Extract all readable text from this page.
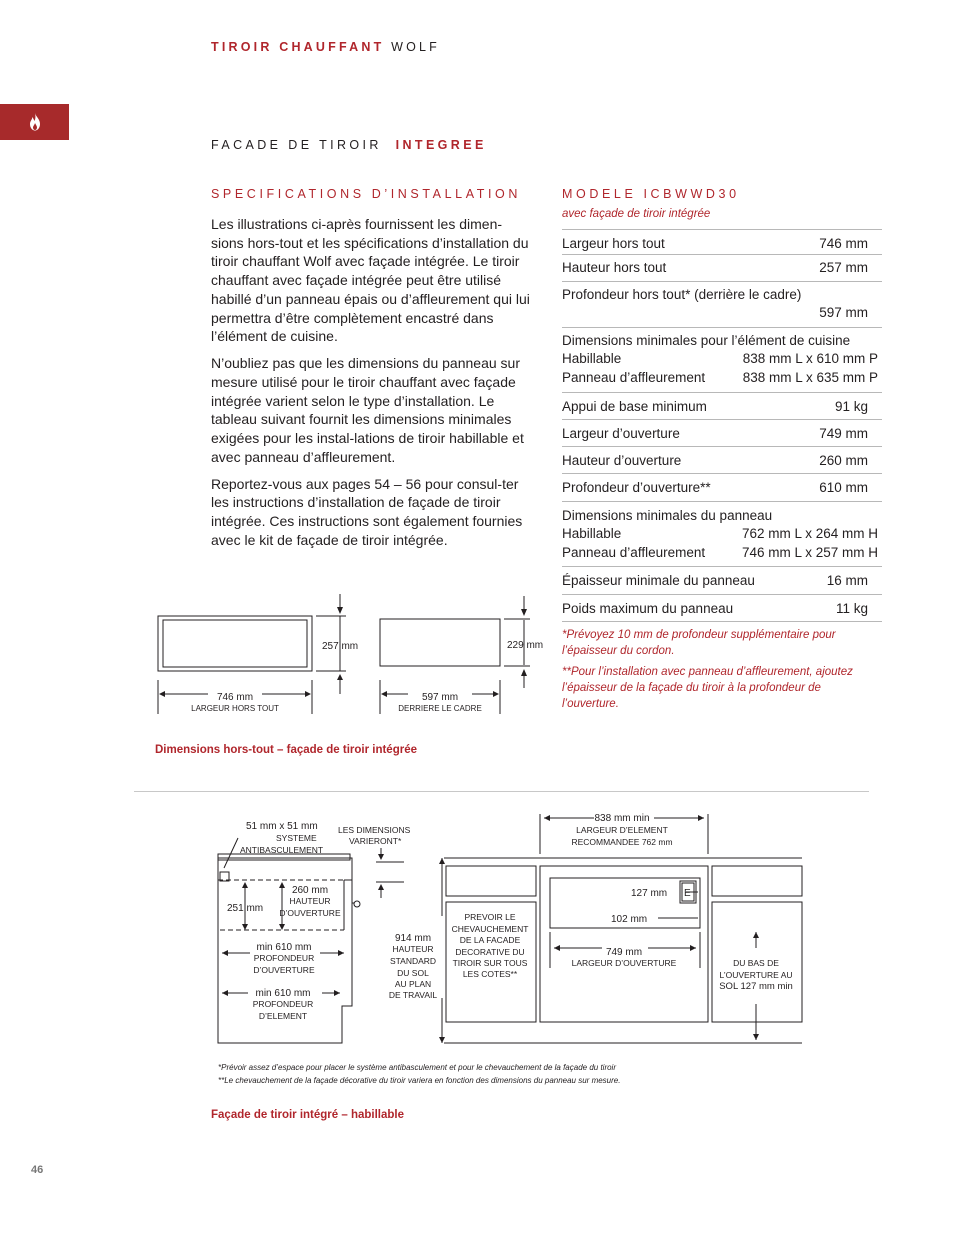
TIROIR CHAUFFANT WOLF
FACADE DE TIROIR INTEGREE
SPECIFICATIONS D’INSTALLATION

Les illustrations ci-après fournissent les dimen-sions hors-tout et les spécifications d’installation du tiroir chauffant Wolf avec façade intégrée. Le tiroir chauffant avec façade intégrée peut être utilisé habillé d’un panneau épais ou d’affleurement qui lui permettra d’être complètement encastré dans l’élément de cuisine.

N’oubliez pas que les dimensions du panneau sur mesure utilisé pour le tiroir chauffant avec façade intégrée varient selon le type d’installation. Le tableau suivant fournit les dimensions minimales exigées pour les instal-lations de tiroir habillable et avec panneau d’affleurement.

Reportez-vous aux pages 54 – 56 pour consul-ter les instructions d’installation de façade de tiroir intégrée. Ces instructions sont également fournies avec le kit de façade de tiroir intégrée.

MODELE ICBWWD30
avec façade de tiroir intégrée
Largeur hors tout	746 mm
Hauteur hors tout	257 mm
Profondeur hors tout* (derrière le cadre)
597 mm
Dimensions minimales pour l’élément de cuisine
Habillable	838 mm L x 610 mm P
Panneau d’affleurement	838 mm L x 635 mm P
Appui de base minimum	91 kg
Largeur d’ouverture	749 mm
Hauteur d’ouverture	260 mm
Profondeur d’ouverture**	610 mm
Dimensions minimales du panneau
Habillable	762 mm L x 264 mm H
Panneau d’affleurement	746 mm L x 257 mm H
Épaisseur minimale du panneau	16 mm
Poids maximum du panneau	11 kg
*Prévoyez 10 mm de profondeur supplémentaire pour l’épaisseur du cordon.
**Pour l’installation avec panneau d’affleurement, ajoutez l’épaisseur de la façade du tiroir à la profondeur de l’ouverture.
257 mm	229 mm
746 mm
LARGEUR HORS TOUT
597 mm
DERRIERE LE CADRE
Dimensions hors-tout – façade de tiroir intégrée
51 mm x 51 mm
SYSTEME
ANTIBASCULEMENT
LES DIMENSIONS
VARIERONT*
260 mm
HAUTEUR
D’OUVERTURE
251 mm
min 610 mm
PROFONDEUR
D’OUVERTURE
min 610 mm
PROFONDEUR
D’ELEMENT
914 mm
HAUTEUR
STANDARD
DU SOL
AU PLAN
DE TRAVAIL
PREVOIR LE
CHEVAUCHEMENT
DE LA FACADE
DECORATIVE DU
TIROIR SUR TOUS
LES COTES**
838 mm min
LARGEUR D’ELEMENT
RECOMMANDEE 762 mm
127 mm E
102 mm
749 mm
LARGEUR D’OUVERTURE	DU BAS DE
L’OUVERTURE AU
SOL 127 mm min
*Prévoir assez d’espace pour placer le système antibasculement et pour le chevauchement de la façade du tiroir
**Le chevauchement de la façade décorative du tiroir variera en fonction des dimensions du panneau sur mesure.
Façade de tiroir intégré – habillable
46
